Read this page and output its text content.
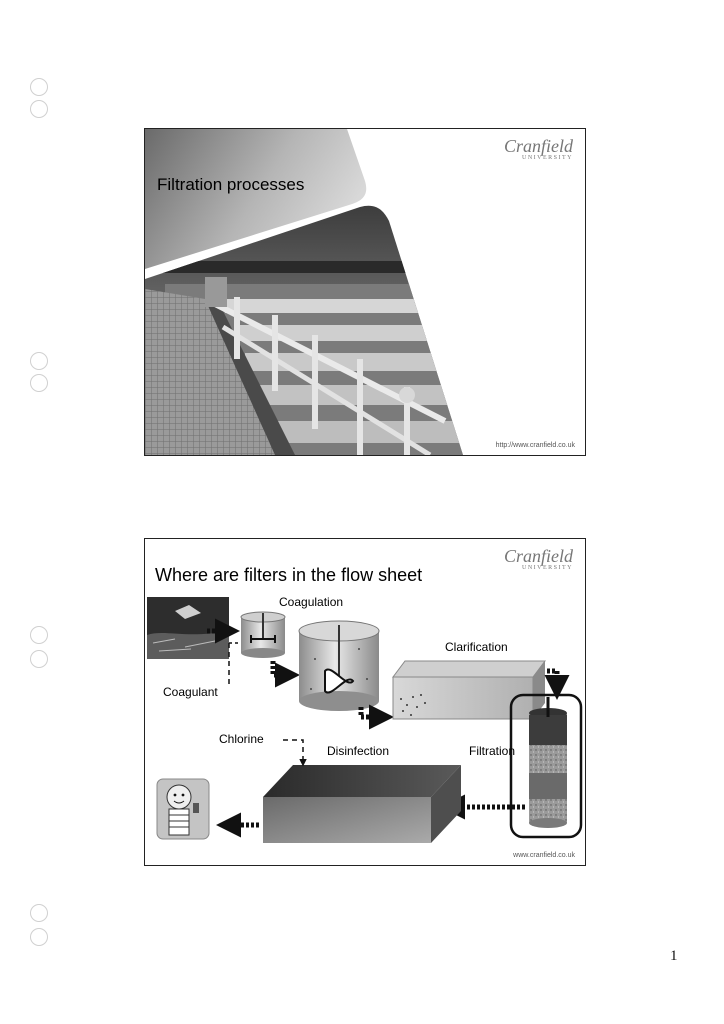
Filtration processes
Cranfield
UNIVERSITY
http://www.cranfield.co.uk
Where are filters in the flow sheet
Cranfield
UNIVERSITY
Coagulation
Coagulant
Clarification
Chlorine
Disinfection	Filtration
www.cranfield.co.uk
1
